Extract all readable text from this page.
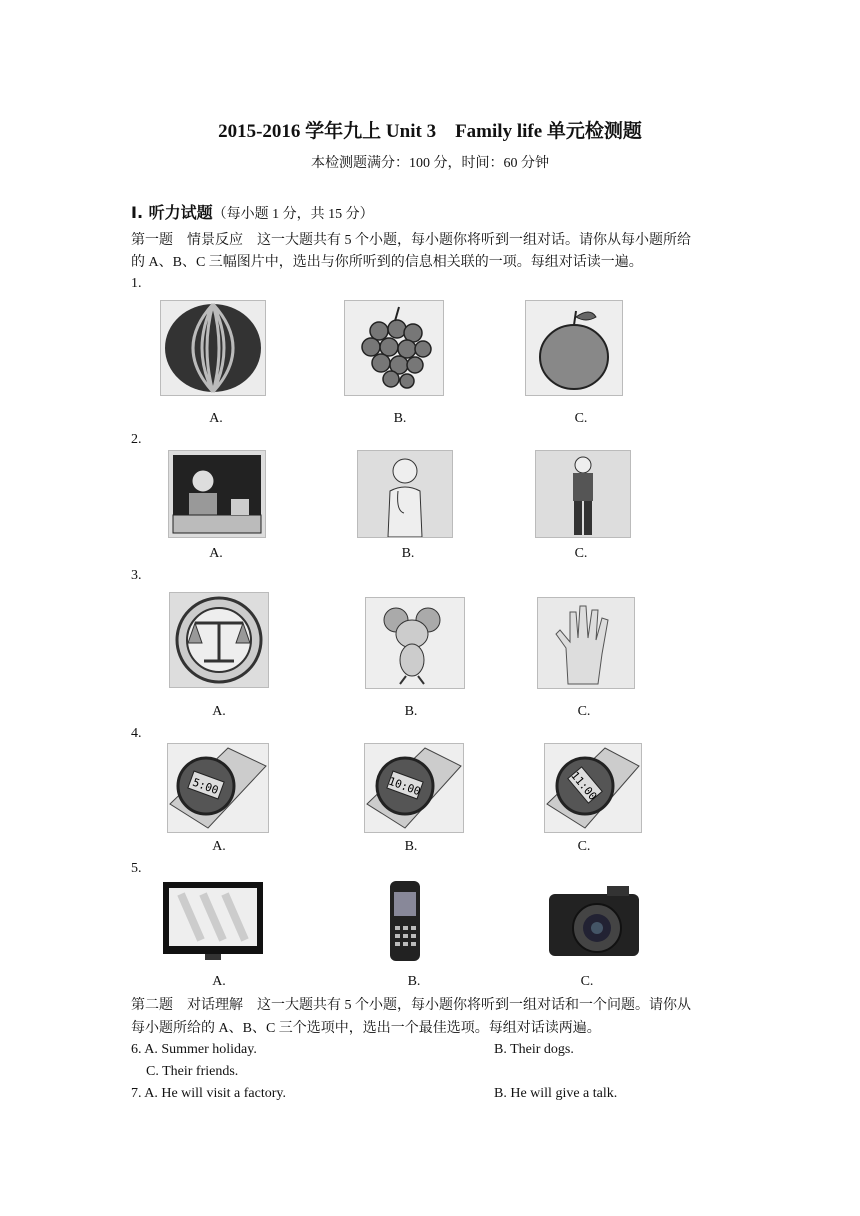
2015-2016 学年九上 Unit 3　Family life 单元检测题
本检测题满分：100 分，时间：60 分钟
Ⅰ. 听力试题（每小题 1 分，共 15 分）
第一题　情景反应　这一大题共有 5 个小题，每小题你将听到一组对话。请你从每小题所给
的 A、B、C 三幅图片中，选出与你所听到的信息相关联的一项。每组对话读一遍。
1.
A.	B.	C.
2.
A.	B.	C.
3.
A.	B.	C.
4.
5:00	10:00	11:00
A.	B.	C.
5.
A.	B.	C.
第二题　对话理解　这一大题共有 5 个小题，每小题你将听到一组对话和一个问题。请你从
每小题所给的 A、B、C 三个选项中，选出一个最佳选项。每组对话读两遍。
6. A. Summer holiday.	B. Their dogs.
C. Their friends.
7. A. He will visit a factory.	B. He will give a talk.
